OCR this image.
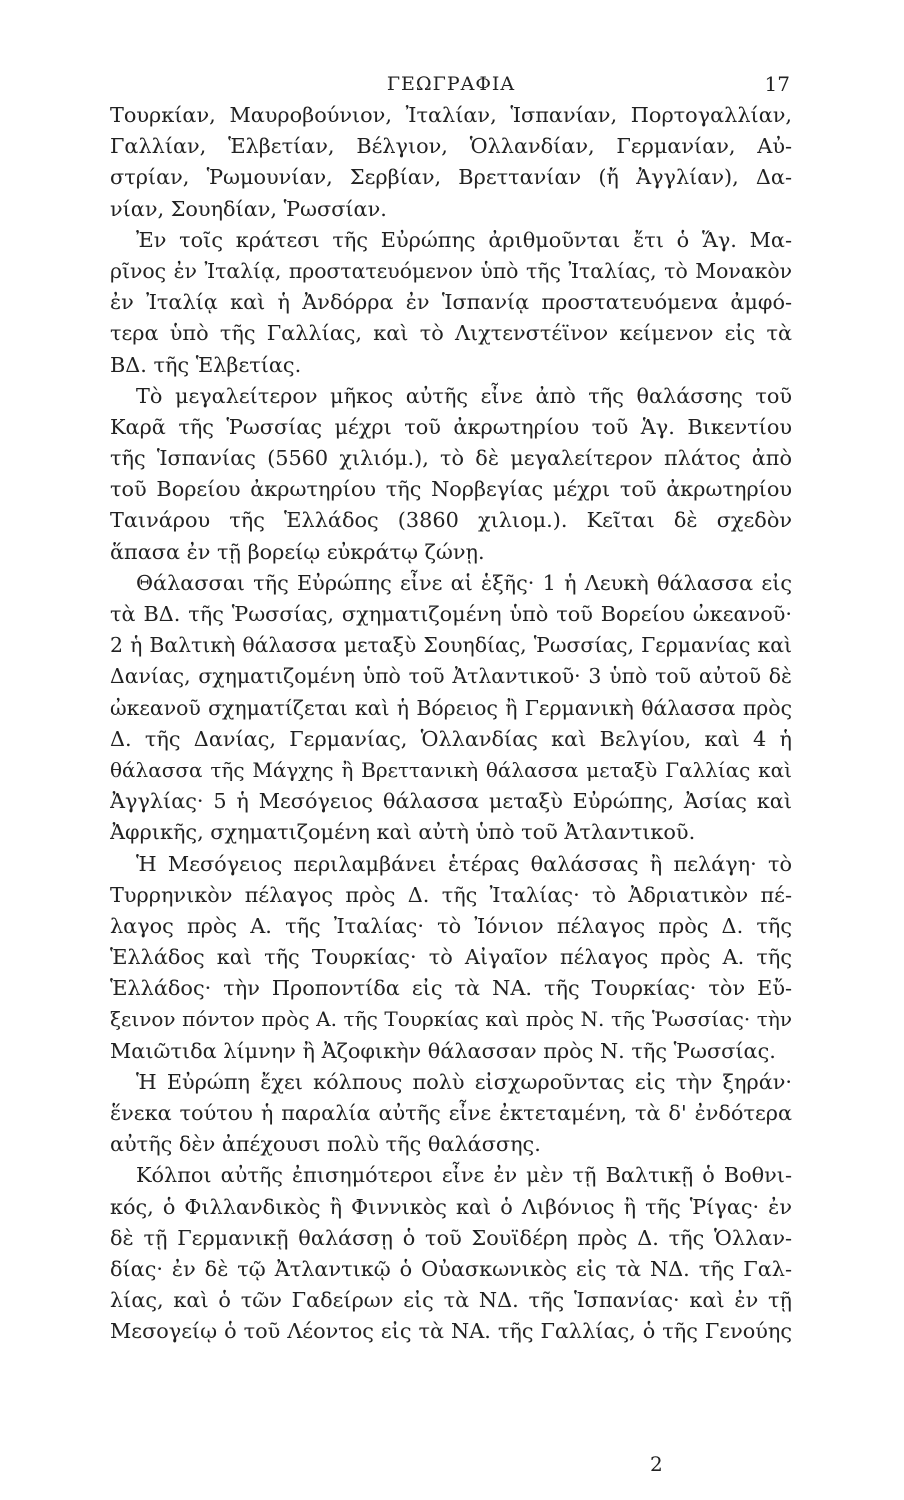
ΓΕΩΓΡΑΦΙΑ	17
Τουρκίαν, Μαυροβούνιον, Ἰταλίαν, Ἱσπανίαν, Πορτογαλλίαν,
Γαλλίαν, Ἑλβετίαν, Βέλγιον, Ὁλλανδίαν, Γερμανίαν, Αὐ-
στρίαν, Ῥωμουνίαν, Σερβίαν, Βρεττανίαν (ἤ Ἀγγλίαν), Δα-
νίαν, Σουηδίαν, Ῥωσσίαν.
Ἐν τοῖς κράτεσι τῆς Εὐρώπης ἀριθμοῦνται ἔτι ὁ Ἅγ. Μα-
ρῖνος ἐν Ἰταλίᾳ, προστατευόμενον ὑπὸ τῆς Ἰταλίας, τὸ Μονακὸν
ἐν Ἰταλίᾳ καὶ ἡ Ἀνδόρρα ἐν Ἱσπανίᾳ προστατευόμενα ἀμφό-
τερα ὑπὸ τῆς Γαλλίας, καὶ τὸ Λιχτενστέϊνον κείμενον εἰς τὰ
ΒΔ. τῆς Ἑλβετίας.
Τὸ μεγαλείτερον μῆκος αὐτῆς εἶνε ἀπὸ τῆς θαλάσσης τοῦ
Καρᾶ τῆς Ῥωσσίας μέχρι τοῦ ἀκρωτηρίου τοῦ Ἁγ. Βικεντίου
τῆς Ἱσπανίας (5560 χιλιόμ.), τὸ δὲ μεγαλείτερον πλάτος ἀπὸ
τοῦ Βορείου ἀκρωτηρίου τῆς Νορβεγίας μέχρι τοῦ ἀκρωτηρίου
Ταινάρου τῆς Ἑλλάδος (3860 χιλιομ.). Κεῖται δὲ σχεδὸν
ἅπασα ἐν τῇ βορείῳ εὐκράτῳ ζώνῃ.
Θάλασσαι τῆς Εὐρώπης εἶνε αἱ ἑξῆς· 1 ἡ Λευκὴ θάλασσα εἰς
τὰ ΒΔ. τῆς Ῥωσσίας, σχηματιζομένη ὑπὸ τοῦ Βορείου ὠκεανοῦ·
2 ἡ Βαλτικὴ θάλασσα μεταξὺ Σουηδίας, Ῥωσσίας, Γερμανίας καὶ
Δανίας, σχηματιζομένη ὑπὸ τοῦ Ἀτλαντικοῦ· 3 ὑπὸ τοῦ αὐτοῦ δὲ
ὠκεανοῦ σχηματίζεται καὶ ἡ Βόρειος ἢ Γερμανικὴ θάλασσα πρὸς
Δ. τῆς Δανίας, Γερμανίας, Ὁλλανδίας καὶ Βελγίου, καὶ 4 ἡ
θάλασσα τῆς Μάγχης ἢ Βρεττανικὴ θάλασσα μεταξὺ Γαλλίας καὶ
Ἀγγλίας· 5 ἡ Μεσόγειος θάλασσα μεταξὺ Εὐρώπης, Ἀσίας καὶ
Ἀφρικῆς, σχηματιζομένη καὶ αὐτὴ ὑπὸ τοῦ Ἀτλαντικοῦ.
Ἡ Μεσόγειος περιλαμβάνει ἑτέρας θαλάσσας ἢ πελάγη· τὸ
Τυρρηνικὸν πέλαγος πρὸς Δ. τῆς Ἰταλίας· τὸ Ἀδριατικὸν πέ-
λαγος πρὸς Α. τῆς Ἰταλίας· τὸ Ἰόνιον πέλαγος πρὸς Δ. τῆς
Ἑλλάδος καὶ τῆς Τουρκίας· τὸ Αἰγαῖον πέλαγος πρὸς Α. τῆς
Ἑλλάδος· τὴν Προποντίδα εἰς τὰ ΝΑ. τῆς Τουρκίας· τὸν Εὔ-
ξεινον πόντον πρὸς Α. τῆς Τουρκίας καὶ πρὸς Ν. τῆς Ῥωσσίας· τὴν
Μαιῶτιδα λίμνην ἢ Ἀζοφικὴν θάλασσαν πρὸς Ν. τῆς Ῥωσσίας.
Ἡ Εὐρώπη ἔχει κόλπους πολὺ εἰσχωροῦντας εἰς τὴν ξηράν·
ἕνεκα τούτου ἡ παραλία αὐτῆς εἶνε ἐκτεταμένη, τὰ δ' ἐνδότερα
αὐτῆς δὲν ἀπέχουσι πολὺ τῆς θαλάσσης.
Κόλποι αὐτῆς ἐπισημότεροι εἶνε ἐν μὲν τῇ Βαλτικῇ ὁ Βοθνι-
κός, ὁ Φιλλανδικὸς ἢ Φιννικὸς καὶ ὁ Λιβόνιος ἢ τῆς Ῥίγας· ἐν
δὲ τῇ Γερμανικῇ θαλάσσῃ ὁ τοῦ Σουϊδέρη πρὸς Δ. τῆς Ὁλλαν-
δίας· ἐν δὲ τῷ Ἀτλαντικῷ ὁ Οὐασκωνικὸς εἰς τὰ ΝΔ. τῆς Γαλ-
λίας, καὶ ὁ τῶν Γαδείρων εἰς τὰ ΝΔ. τῆς Ἱσπανίας· καὶ ἐν τῇ
Μεσογείῳ ὁ τοῦ Λέοντος εἰς τὰ ΝΑ. τῆς Γαλλίας, ὁ τῆς Γενούης
2
